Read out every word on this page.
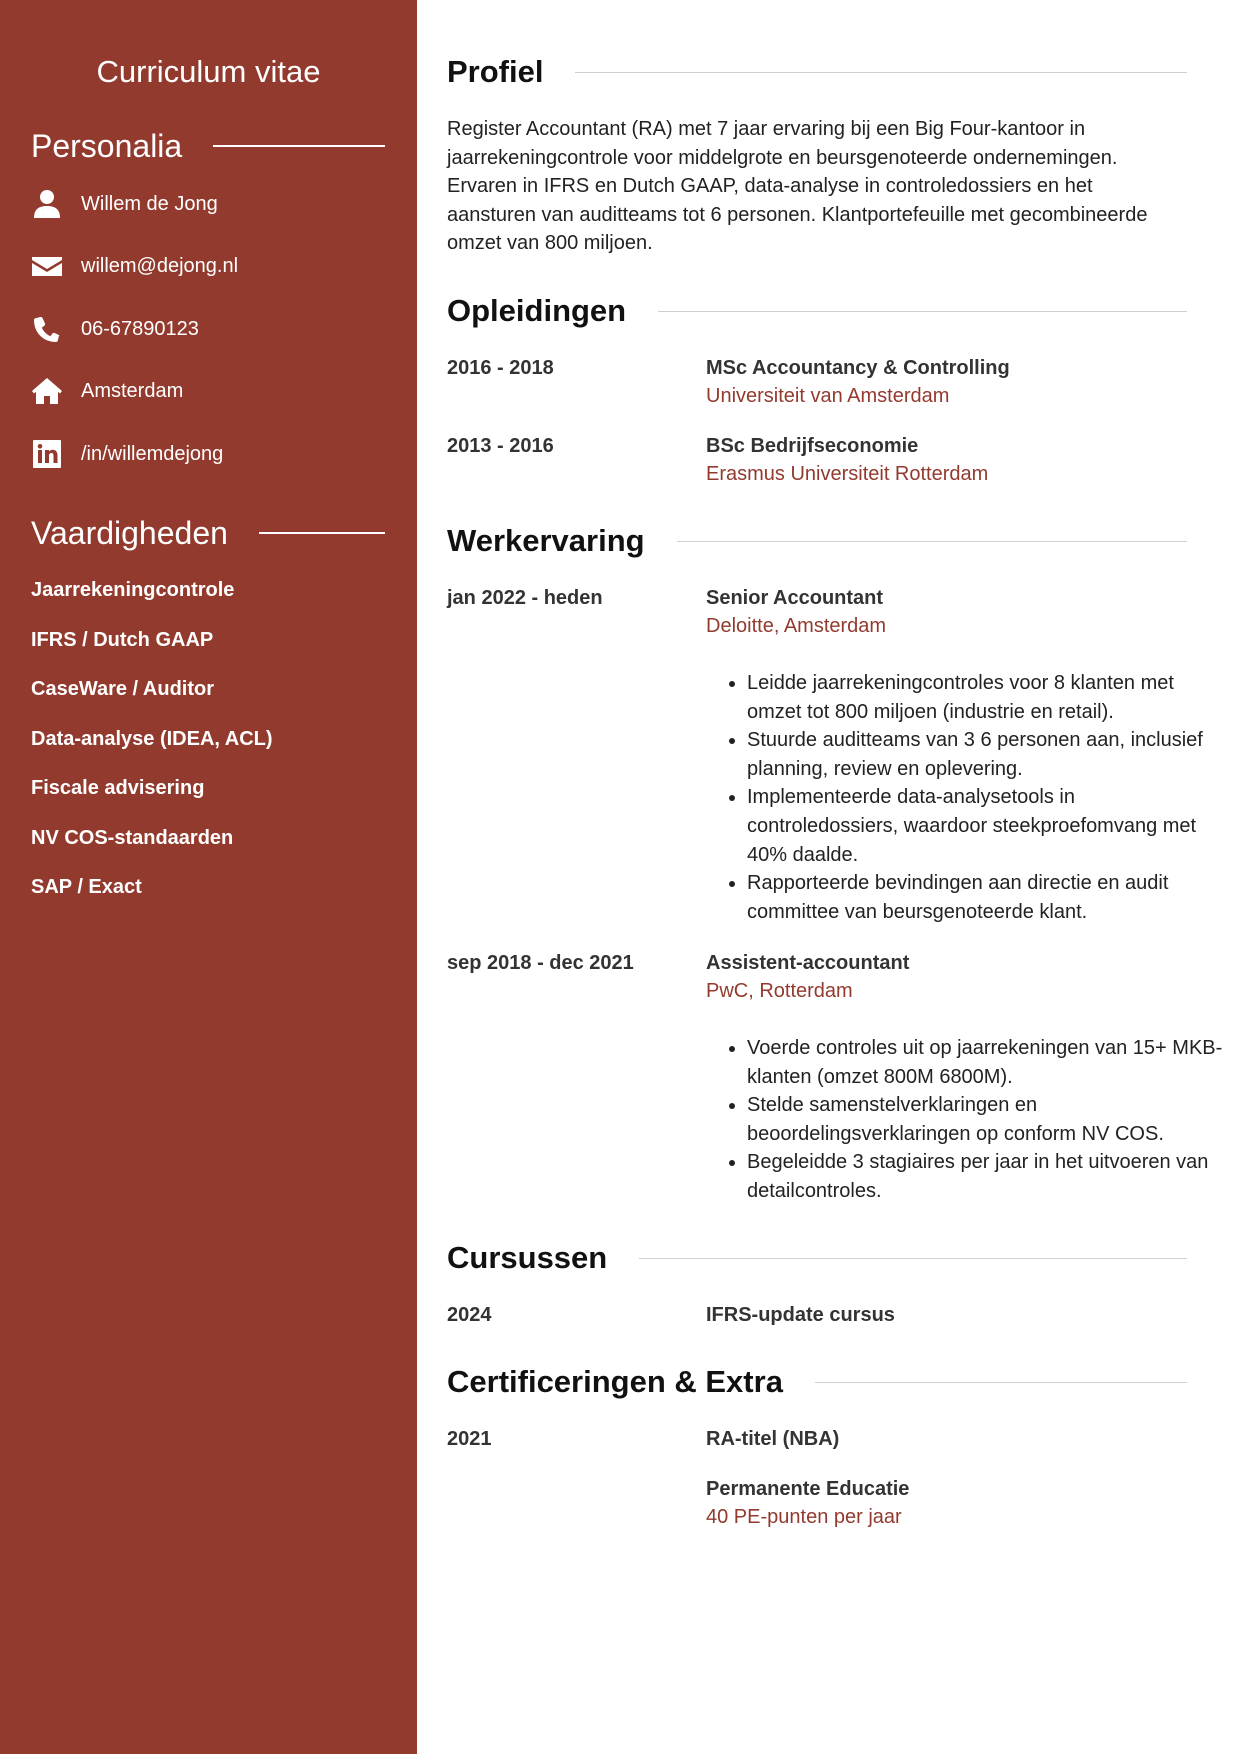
Curriculum vitae
Personalia
Willem de Jong
willem@dejong.nl
06-67890123
Amsterdam
/in/willemdejong
Vaardigheden
Jaarrekeningcontrole
IFRS / Dutch GAAP
CaseWare / Auditor
Data-analyse (IDEA, ACL)
Fiscale advisering
NV COS-standaarden
SAP / Exact
Profiel
Register Accountant (RA) met 7 jaar ervaring bij een Big Four-kantoor in jaarrekeningcontrole voor middelgrote en beursgenoteerde ondernemingen. Ervaren in IFRS en Dutch GAAP, data-analyse in controledossiers en het aansturen van auditteams tot 6 personen. Klantportefeuille met gecombineerde omzet van 800 miljoen.
Opleidingen
2016 - 2018	MSc Accountancy & Controlling
Universiteit van Amsterdam
2013 - 2016	BSc Bedrijfseconomie
Erasmus Universiteit Rotterdam
Werkervaring
jan 2022 - heden	Senior Accountant
Deloitte, Amsterdam
• Leidde jaarrekeningcontroles voor 8 klanten met omzet tot 800 miljoen (industrie en retail).
• Stuurde auditteams van 3 6 personen aan, inclusief planning, review en oplevering.
• Implementeerde data-analysetools in controledossiers, waardoor steekproefomvang met 40% daalde.
• Rapporteerde bevindingen aan directie en audit committee van beursgenoteerde klant.
sep 2018 - dec 2021	Assistent-accountant
PwC, Rotterdam
• Voerde controles uit op jaarrekeningen van 15+ MKB-klanten (omzet 800M 6800M).
• Stelde samenstelverklaringen en beoordelingsverklaringen op conform NV COS.
• Begeleidde 3 stagiaires per jaar in het uitvoeren van detailcontroles.
Cursussen
2024	IFRS-update cursus
Certificeringen & Extra
2021	RA-titel (NBA)
Permanente Educatie
40 PE-punten per jaar
